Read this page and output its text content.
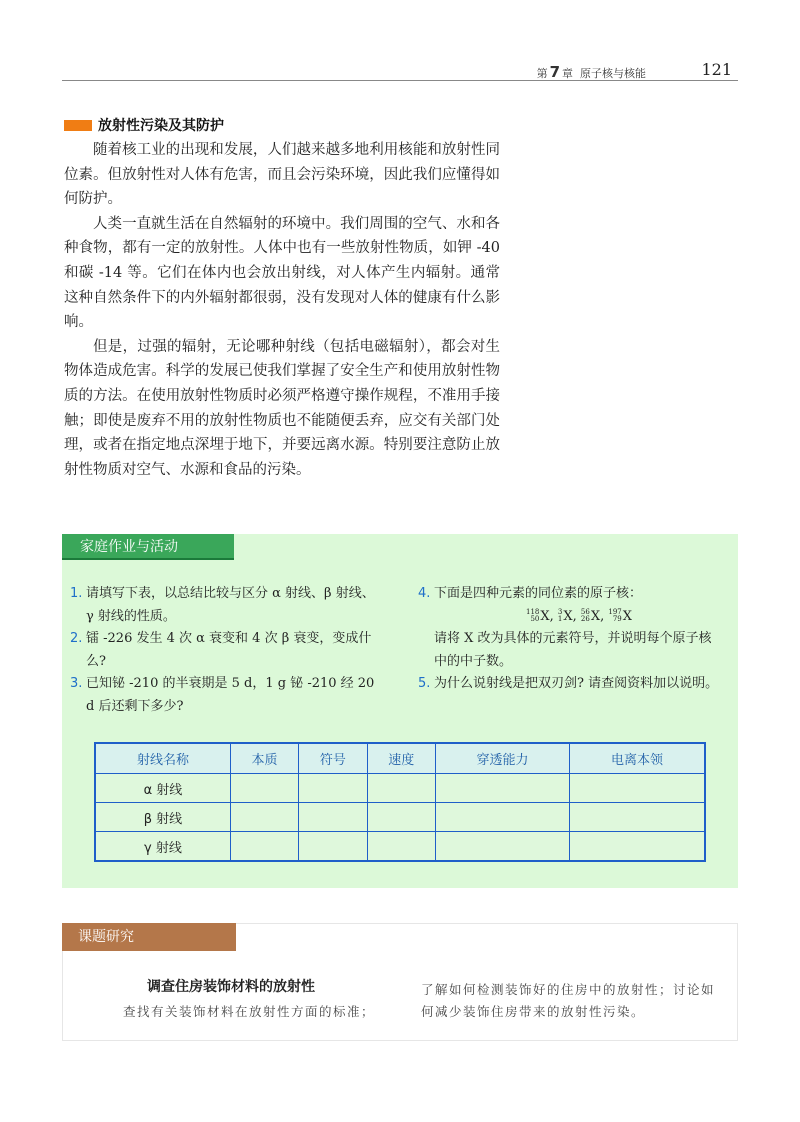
第 7 章 原子核与核能	121
放射性污染及其防护

随着核工业的出现和发展，人们越来越多地利用核能和放射性同位素。但放射性对人体有危害，而且会污染环境，因此我们应懂得如何防护。

人类一直就生活在自然辐射的环境中。我们周围的空气、水和各种食物，都有一定的放射性。人体中也有一些放射性物质，如钾 -40 和碳 -14 等。它们在体内也会放出射线，对人体产生内辐射。通常这种自然条件下的内外辐射都很弱，没有发现对人体的健康有什么影响。

但是，过强的辐射，无论哪种射线（包括电磁辐射），都会对生物体造成危害。科学的发展已使我们掌握了安全生产和使用放射性物质的方法。在使用放射性物质时必须严格遵守操作规程，不准用手接触；即使是废弃不用的放射性物质也不能随便丢弃，应交有关部门处理，或者在指定地点深埋于地下，并要远离水源。特别要注意防止放射性物质对空气、水源和食品的污染。

家庭作业与活动
1. 请填写下表，以总结比较与区分 α 射线、β 射线、γ 射线的性质。
2. 镭 -226 发生 4 次 α 衰变和 4 次 β 衰变，变成什么?
3. 已知铋 -210 的半衰期是 5 d，1 g 铋 -210 经 20 d 后还剩下多少?
4. 下面是四种元素的同位素的原子核：
118
50 X, 3
1 X, 56
26 X, 197
79 X
请将 X 改为具体的元素符号，并说明每个原子核中的中子数。
5. 为什么说射线是把双刃剑? 请查阅资料加以说明。
射线名称	本质	符号	速度	穿透能力	电离本领
α 射线					
β 射线					
γ 射线					
课题研究
调查住房装饰材料的放射性
查找有关装饰材料在放射性方面的标准；
了解如何检测装饰好的住房中的放射性；讨论如何减少装饰住房带来的放射性污染。
